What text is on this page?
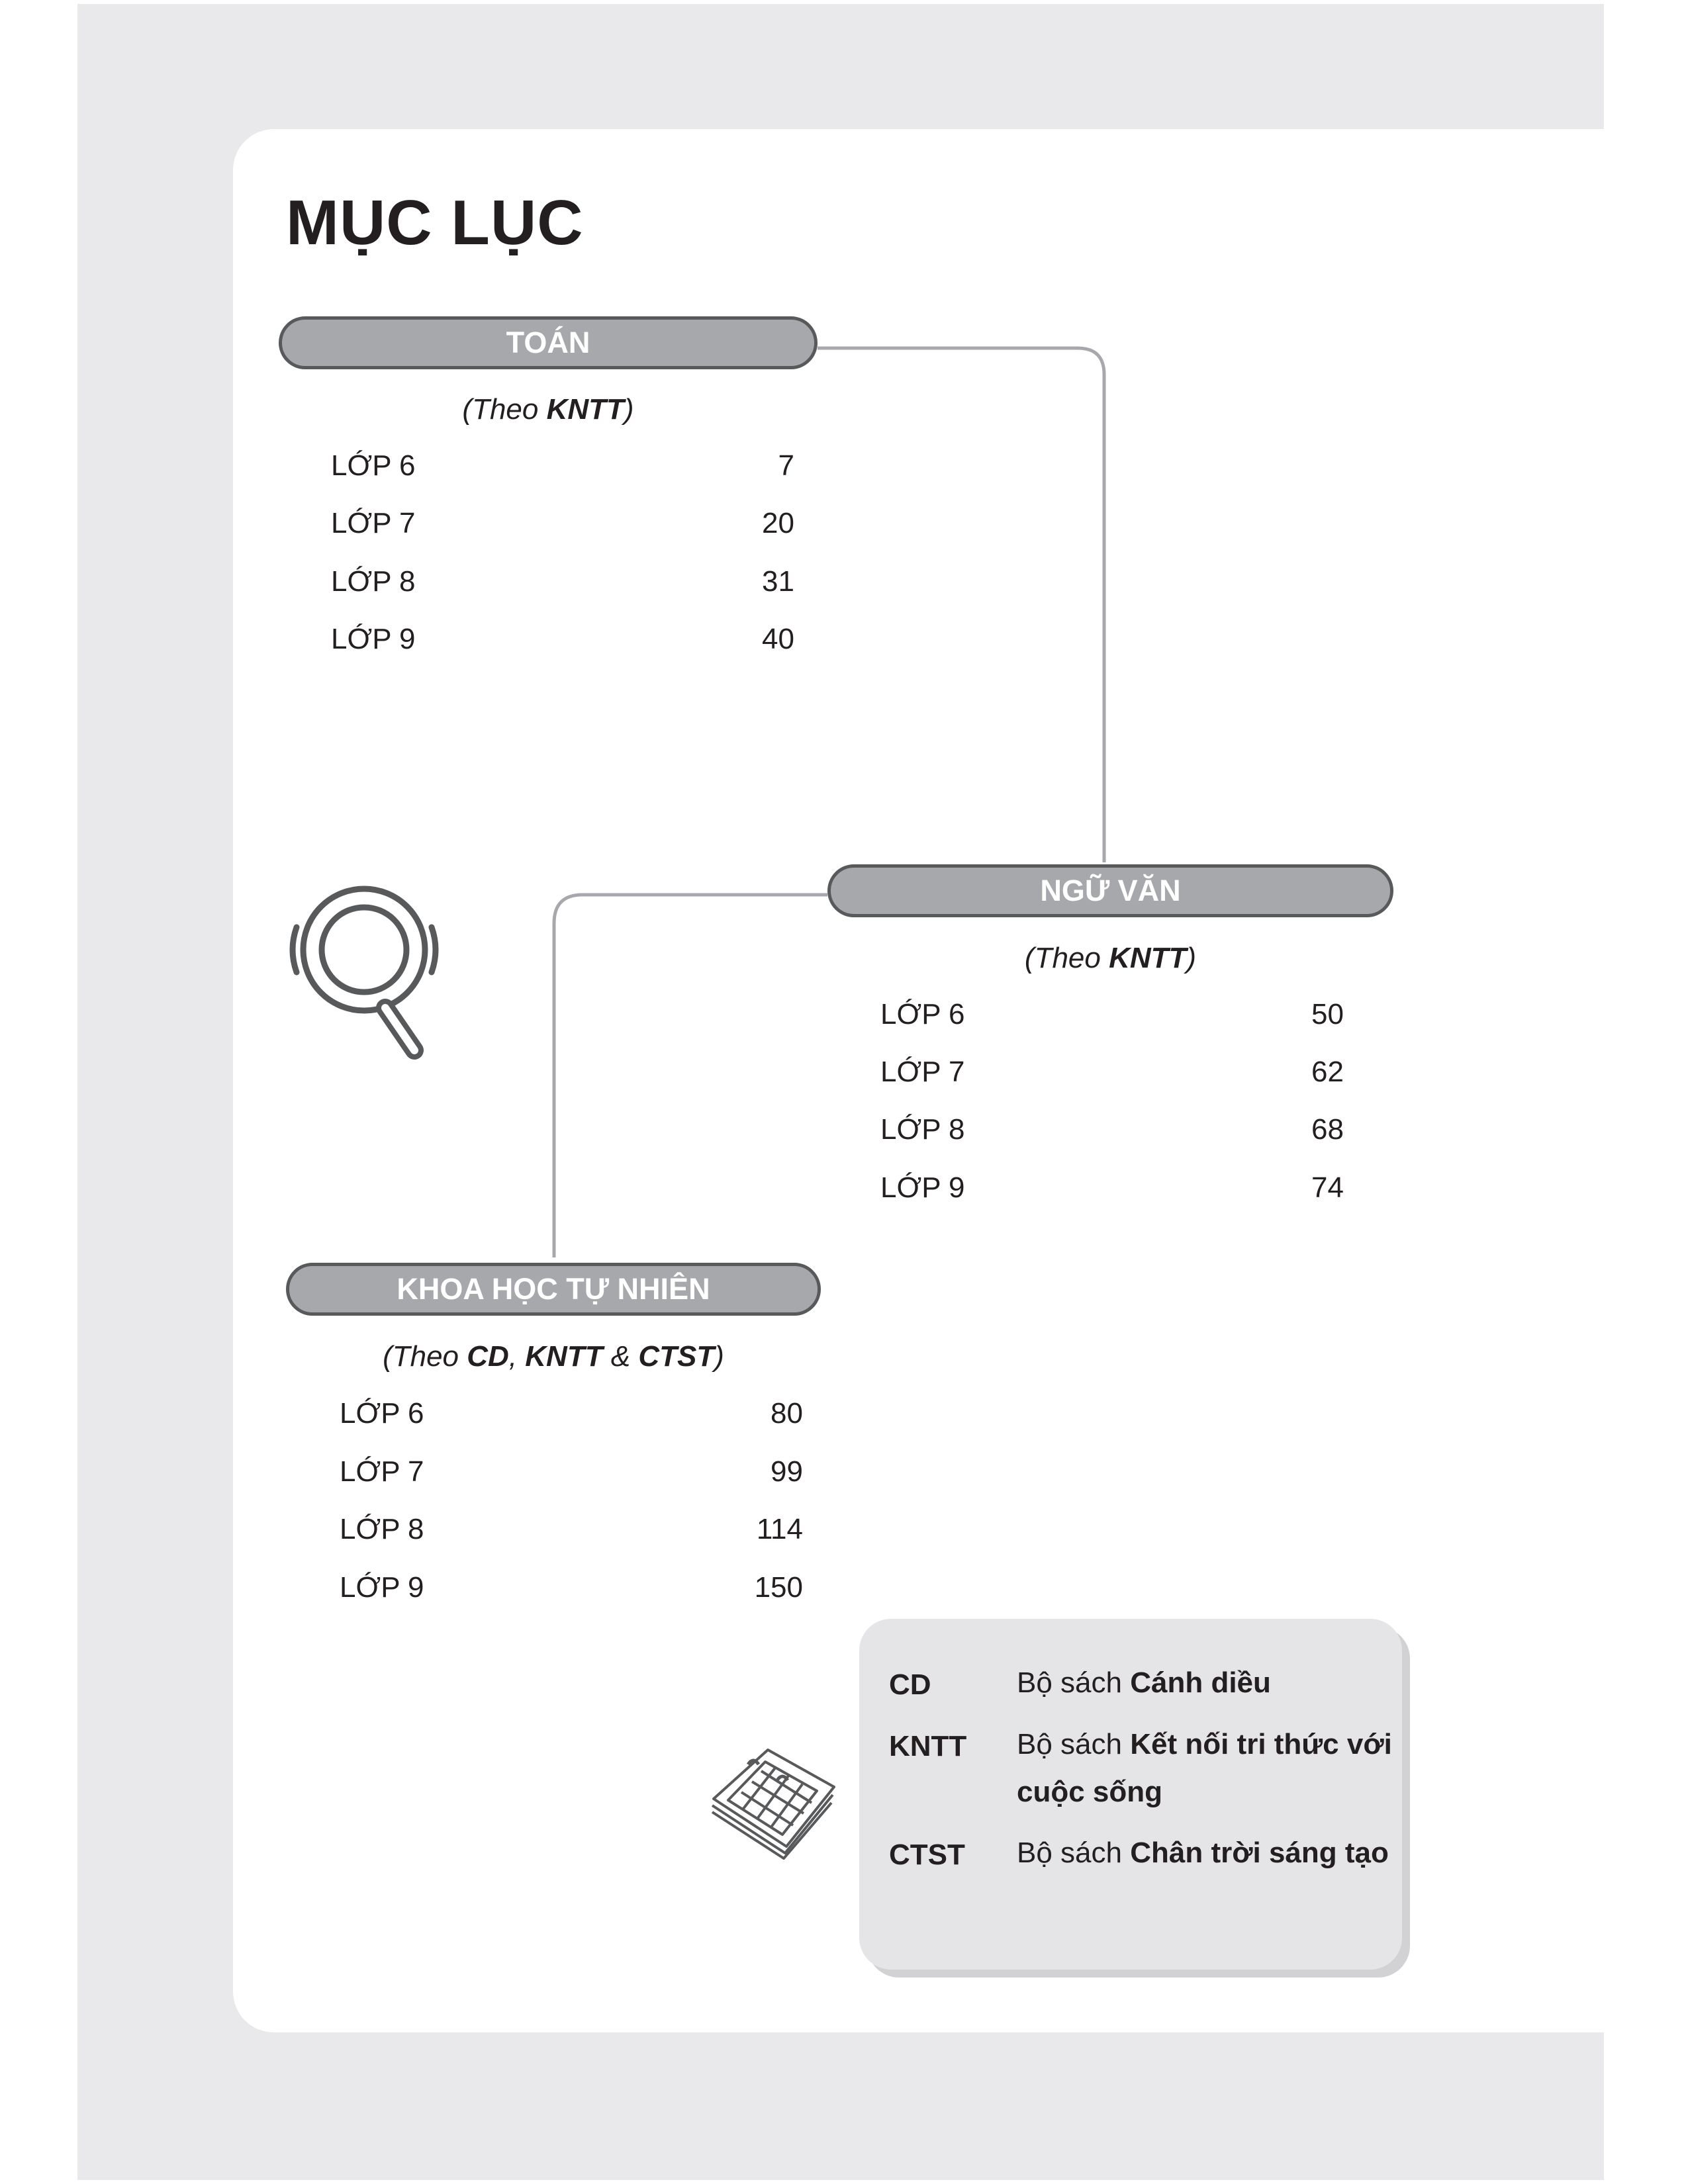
MỤC LỤC
TOÁN
(Theo KNTT)
LỚP 6	7
LỚP 7	20
LỚP 8	31
LỚP 9	40
NGỮ VĂN
(Theo KNTT)
LỚP 6	50
LỚP 7	62
LỚP 8	68
LỚP 9	74
KHOA HỌC TỰ NHIÊN
(Theo CD, KNTT & CTST)
LỚP 6	80
LỚP 7	99
LỚP 8	114
LỚP 9	150
CD	Bộ sách Cánh diều
KNTT Bộ sách Kết nối tri thức với cuộc sống
CTST Bộ sách Chân trời sáng tạo
